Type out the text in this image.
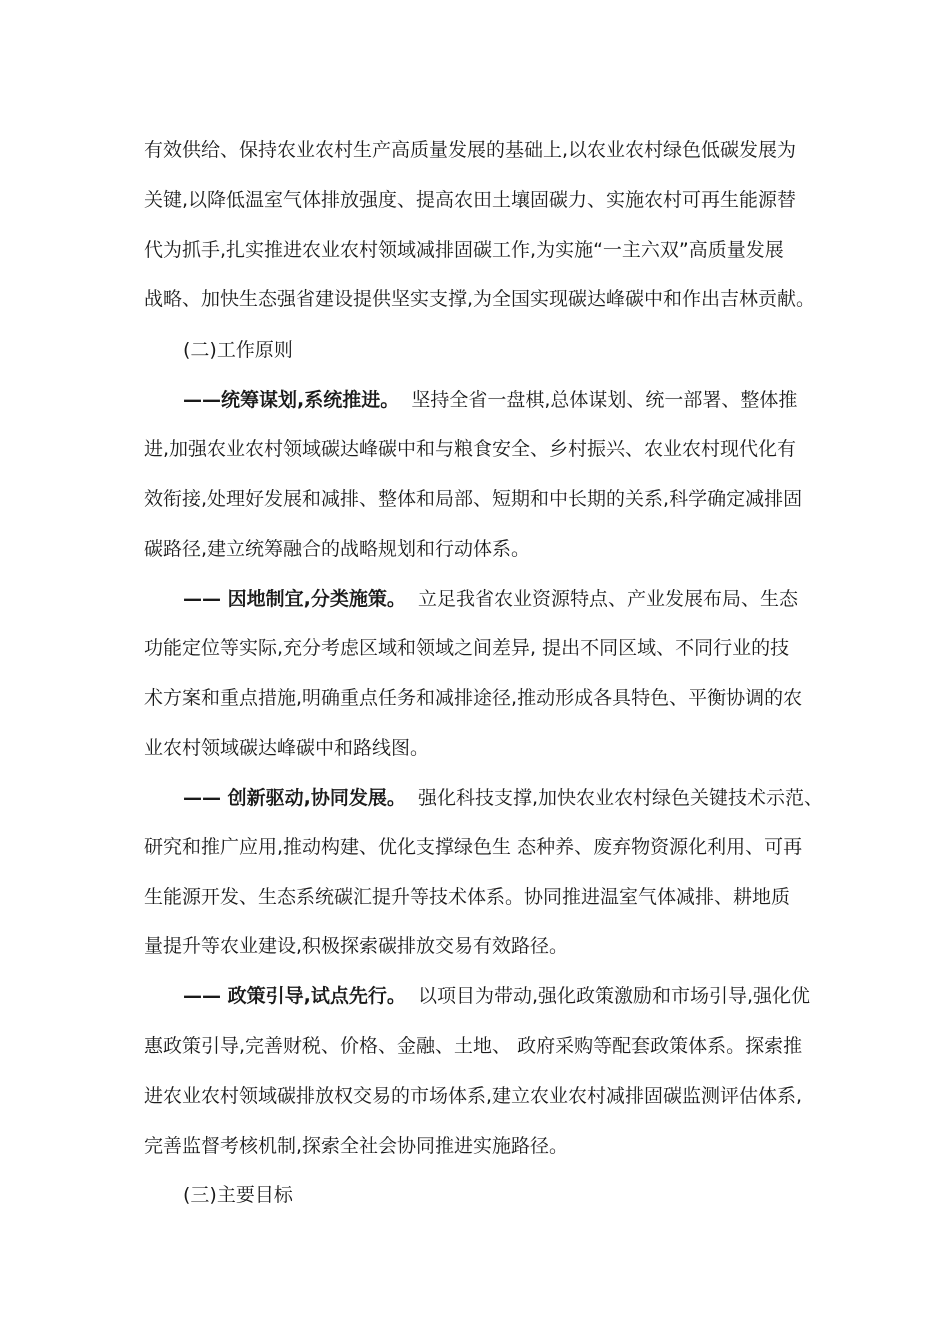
有效供给、保持农业农村生产高质量发展的基础上,以农业农村绿色低碳发展为
关键,以降低温室气体排放强度、提高农田土壤固碳力、实施农村可再生能源替
代为抓手,扎实推进农业农村领域减排固碳工作,为实施“一主六双”高质量发展
战略、加快生态强省建设提供坚实支撑,为全国实现碳达峰碳中和作出吉林贡献。
(二)工作原则
——统筹谋划,系统推进。 坚持全省一盘棋,总体谋划、统一部署、整体推
进,加强农业农村领域碳达峰碳中和与粮食安全、乡村振兴、农业农村现代化有
效衔接,处理好发展和减排、整体和局部、短期和中长期的关系,科学确定减排固
碳路径,建立统筹融合的战略规划和行动体系。
—— 因地制宜,分类施策。 立足我省农业资源特点、产业发展布局、生态
功能定位等实际,充分考虑区域和领域之间差异, 提出不同区域、不同行业的技
术方案和重点措施,明确重点任务和减排途径,推动形成各具特色、平衡协调的农
业农村领域碳达峰碳中和路线图。
—— 创新驱动,协同发展。 强化科技支撑,加快农业农村绿色关键技术示范、
研究和推广应用,推动构建、优化支撑绿色生 态种养、废弃物资源化利用、可再
生能源开发、生态系统碳汇提升等技术体系。协同推进温室气体减排、耕地质
量提升等农业建设,积极探索碳排放交易有效路径。
—— 政策引导,试点先行。 以项目为带动,强化政策激励和市场引导,强化优
惠政策引导,完善财税、价格、金融、土地、 政府采购等配套政策体系。探索推
进农业农村领域碳排放权交易的市场体系,建立农业农村减排固碳监测评估体系,
完善监督考核机制,探索全社会协同推进实施路径。
(三)主要目标
